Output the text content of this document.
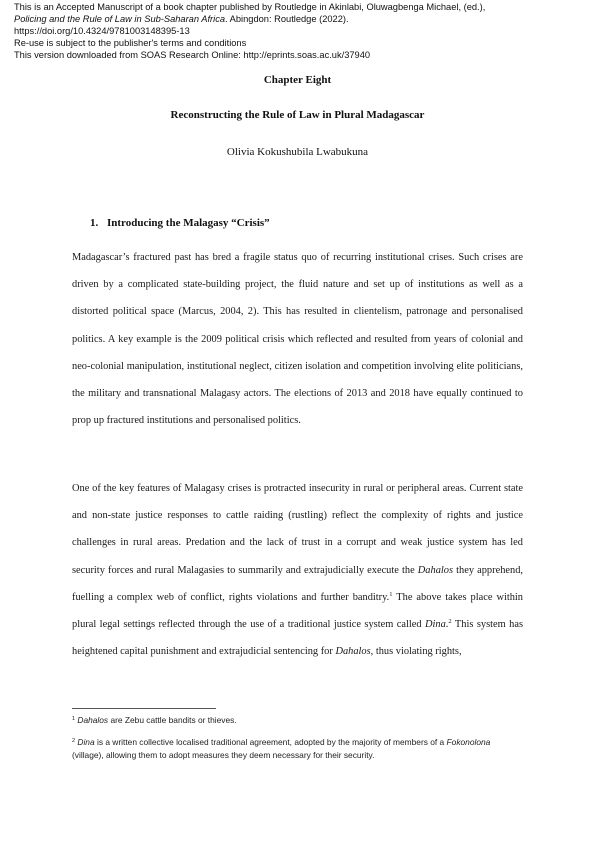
This is an Accepted Manuscript of a book chapter published by Routledge in Akinlabi, Oluwagbenga Michael, (ed.),
Policing and the Rule of Law in Sub-Saharan Africa. Abingdon: Routledge (2022).
https://doi.org/10.4324/9781003148395-13
Re-use is subject to the publisher's terms and conditions
This version downloaded from SOAS Research Online: http://eprints.soas.ac.uk/37940
Chapter Eight
Reconstructing the Rule of Law in Plural Madagascar
Olivia Kokushubila Lwabukuna
1. Introducing the Malagasy “Crisis”

Madagascar’s fractured past has bred a fragile status quo of recurring institutional crises. Such crises are driven by a complicated state-building project, the fluid nature and set up of institutions as well as a distorted political space (Marcus, 2004, 2). This has resulted in clientelism, patronage and personalised politics. A key example is the 2009 political crisis which reflected and resulted from years of colonial and neo-colonial manipulation, institutional neglect, citizen isolation and competition involving elite politicians, the military and transnational Malagasy actors. The elections of 2013 and 2018 have equally continued to prop up fractured institutions and personalised politics.

One of the key features of Malagasy crises is protracted insecurity in rural or peripheral areas. Current state and non-state justice responses to cattle raiding (rustling) reflect the complexity of rights and justice challenges in rural areas. Predation and the lack of trust in a corrupt and weak justice system has led security forces and rural Malagasies to summarily and extrajudicially execute the Dahalos they apprehend, fuelling a complex web of conflict, rights violations and further banditry.$^1$ The above takes place within plural legal settings reflected through the use of a traditional justice system called Dina.$^2$ This system has heightened capital punishment and extrajudicial sentencing for Dahalos, thus violating rights,

$^1$ Dahalos are Zebu cattle bandits or thieves.

$^2$ Dina is a written collective localised traditional agreement, adopted by the majority of members of a Fokonolona (village), allowing them to adopt measures they deem necessary for their security.
